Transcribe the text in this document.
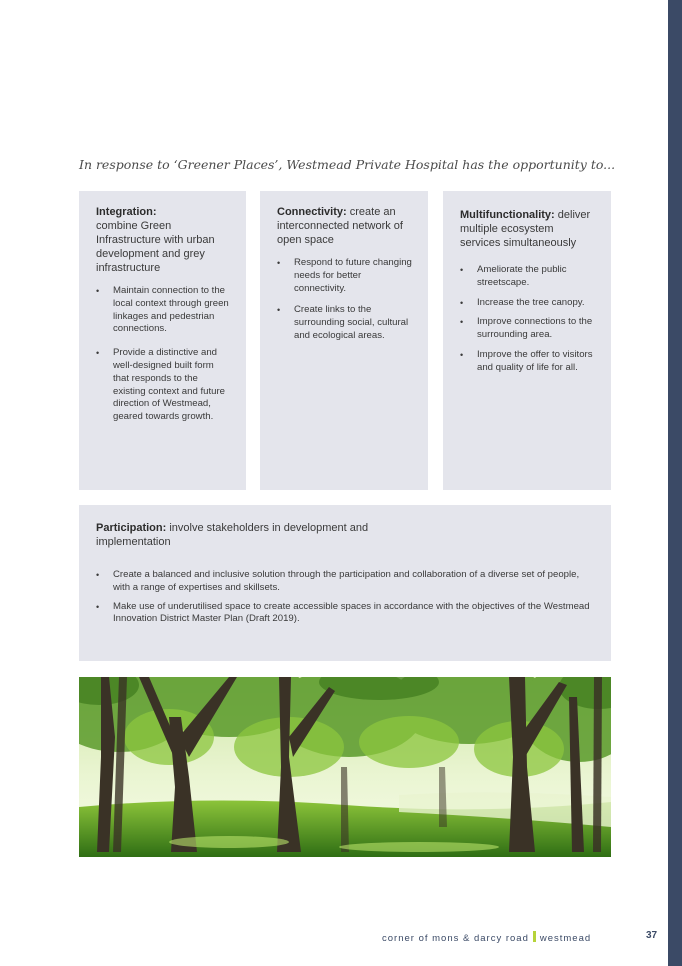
In response to ‘Greener Places’, Westmead Private Hospital has the opportunity to...
Integration:
combine Green Infrastructure with urban development and grey infrastructure
• Maintain connection to the local context through green linkages and pedestrian connections.
• Provide a distinctive and well-designed built form that responds to the existing context and future direction of Westmead, geared towards growth.
Connectivity: create an interconnected network of open space
• Respond to future changing needs for better connectivity.
• Create links to the surrounding social, cultural and ecological areas.
Multifunctionality: deliver multiple ecosystem services simultaneously
• Ameliorate the public streetscape.
• Increase the tree canopy.
• Improve connections to the surrounding area.
• Improve the offer to visitors and quality of life for all.
Participation: involve stakeholders in development and implementation
• Create a balanced and inclusive solution through the participation and collaboration of a diverse set of people, with a range of expertises and skillsets.
• Make use of underutilised space to create accessible spaces in accordance with the objectives of the Westmead Innovation District Master Plan (Draft 2019).
corner of mons & darcy road westmead	37
